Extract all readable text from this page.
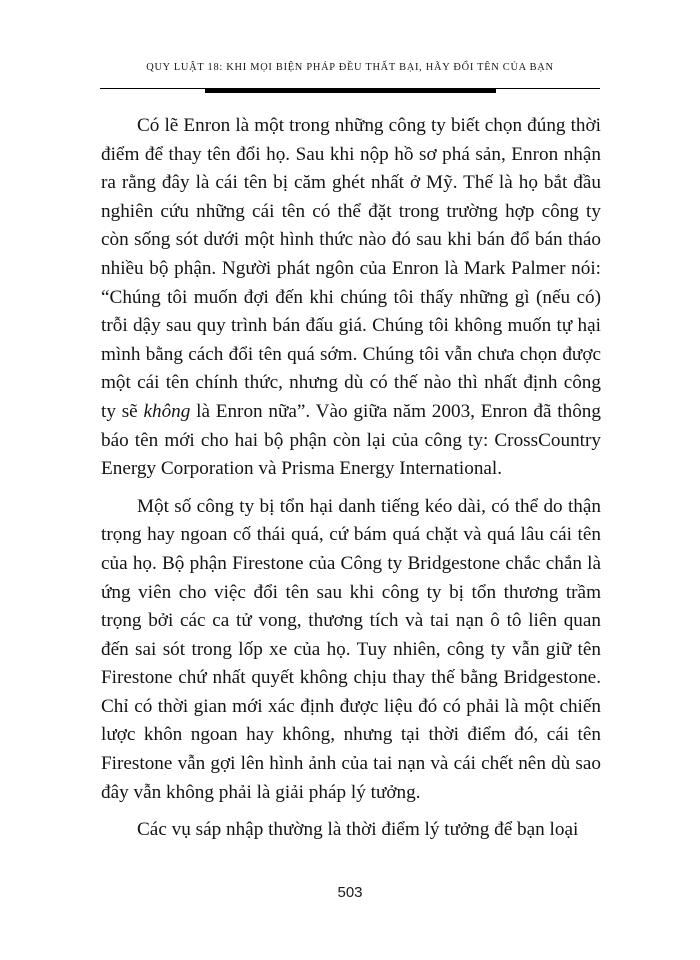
QUY LUẬT 18: KHI MỌI BIỆN PHÁP ĐỀU THẤT BẠI, HÃY ĐỔI TÊN CỦA BẠN

Có lẽ Enron là một trong những công ty biết chọn đúng thời điểm để thay tên đổi họ. Sau khi nộp hồ sơ phá sản, Enron nhận ra rằng đây là cái tên bị căm ghét nhất ở Mỹ. Thế là họ bắt đầu nghiên cứu những cái tên có thể đặt trong trường hợp công ty còn sống sót dưới một hình thức nào đó sau khi bán đổ bán tháo nhiều bộ phận. Người phát ngôn của Enron là Mark Palmer nói: “Chúng tôi muốn đợi đến khi chúng tôi thấy những gì (nếu có) trỗi dậy sau quy trình bán đấu giá. Chúng tôi không muốn tự hại mình bằng cách đổi tên quá sớm. Chúng tôi vẫn chưa chọn được một cái tên chính thức, nhưng dù có thế nào thì nhất định công ty sẽ không là Enron nữa”. Vào giữa năm 2003, Enron đã thông báo tên mới cho hai bộ phận còn lại của công ty: CrossCountry Energy Corporation và Prisma Energy International.

Một số công ty bị tổn hại danh tiếng kéo dài, có thể do thận trọng hay ngoan cố thái quá, cứ bám quá chặt và quá lâu cái tên của họ. Bộ phận Firestone của Công ty Bridgestone chắc chắn là ứng viên cho việc đổi tên sau khi công ty bị tổn thương trầm trọng bởi các ca tử vong, thương tích và tai nạn ô tô liên quan đến sai sót trong lốp xe của họ. Tuy nhiên, công ty vẫn giữ tên Firestone chứ nhất quyết không chịu thay thế bằng Bridgestone. Chỉ có thời gian mới xác định được liệu đó có phải là một chiến lược khôn ngoan hay không, nhưng tại thời điểm đó, cái tên Firestone vẫn gợi lên hình ảnh của tai nạn và cái chết nên dù sao đây vẫn không phải là giải pháp lý tưởng.

Các vụ sáp nhập thường là thời điểm lý tưởng để bạn loại

503
